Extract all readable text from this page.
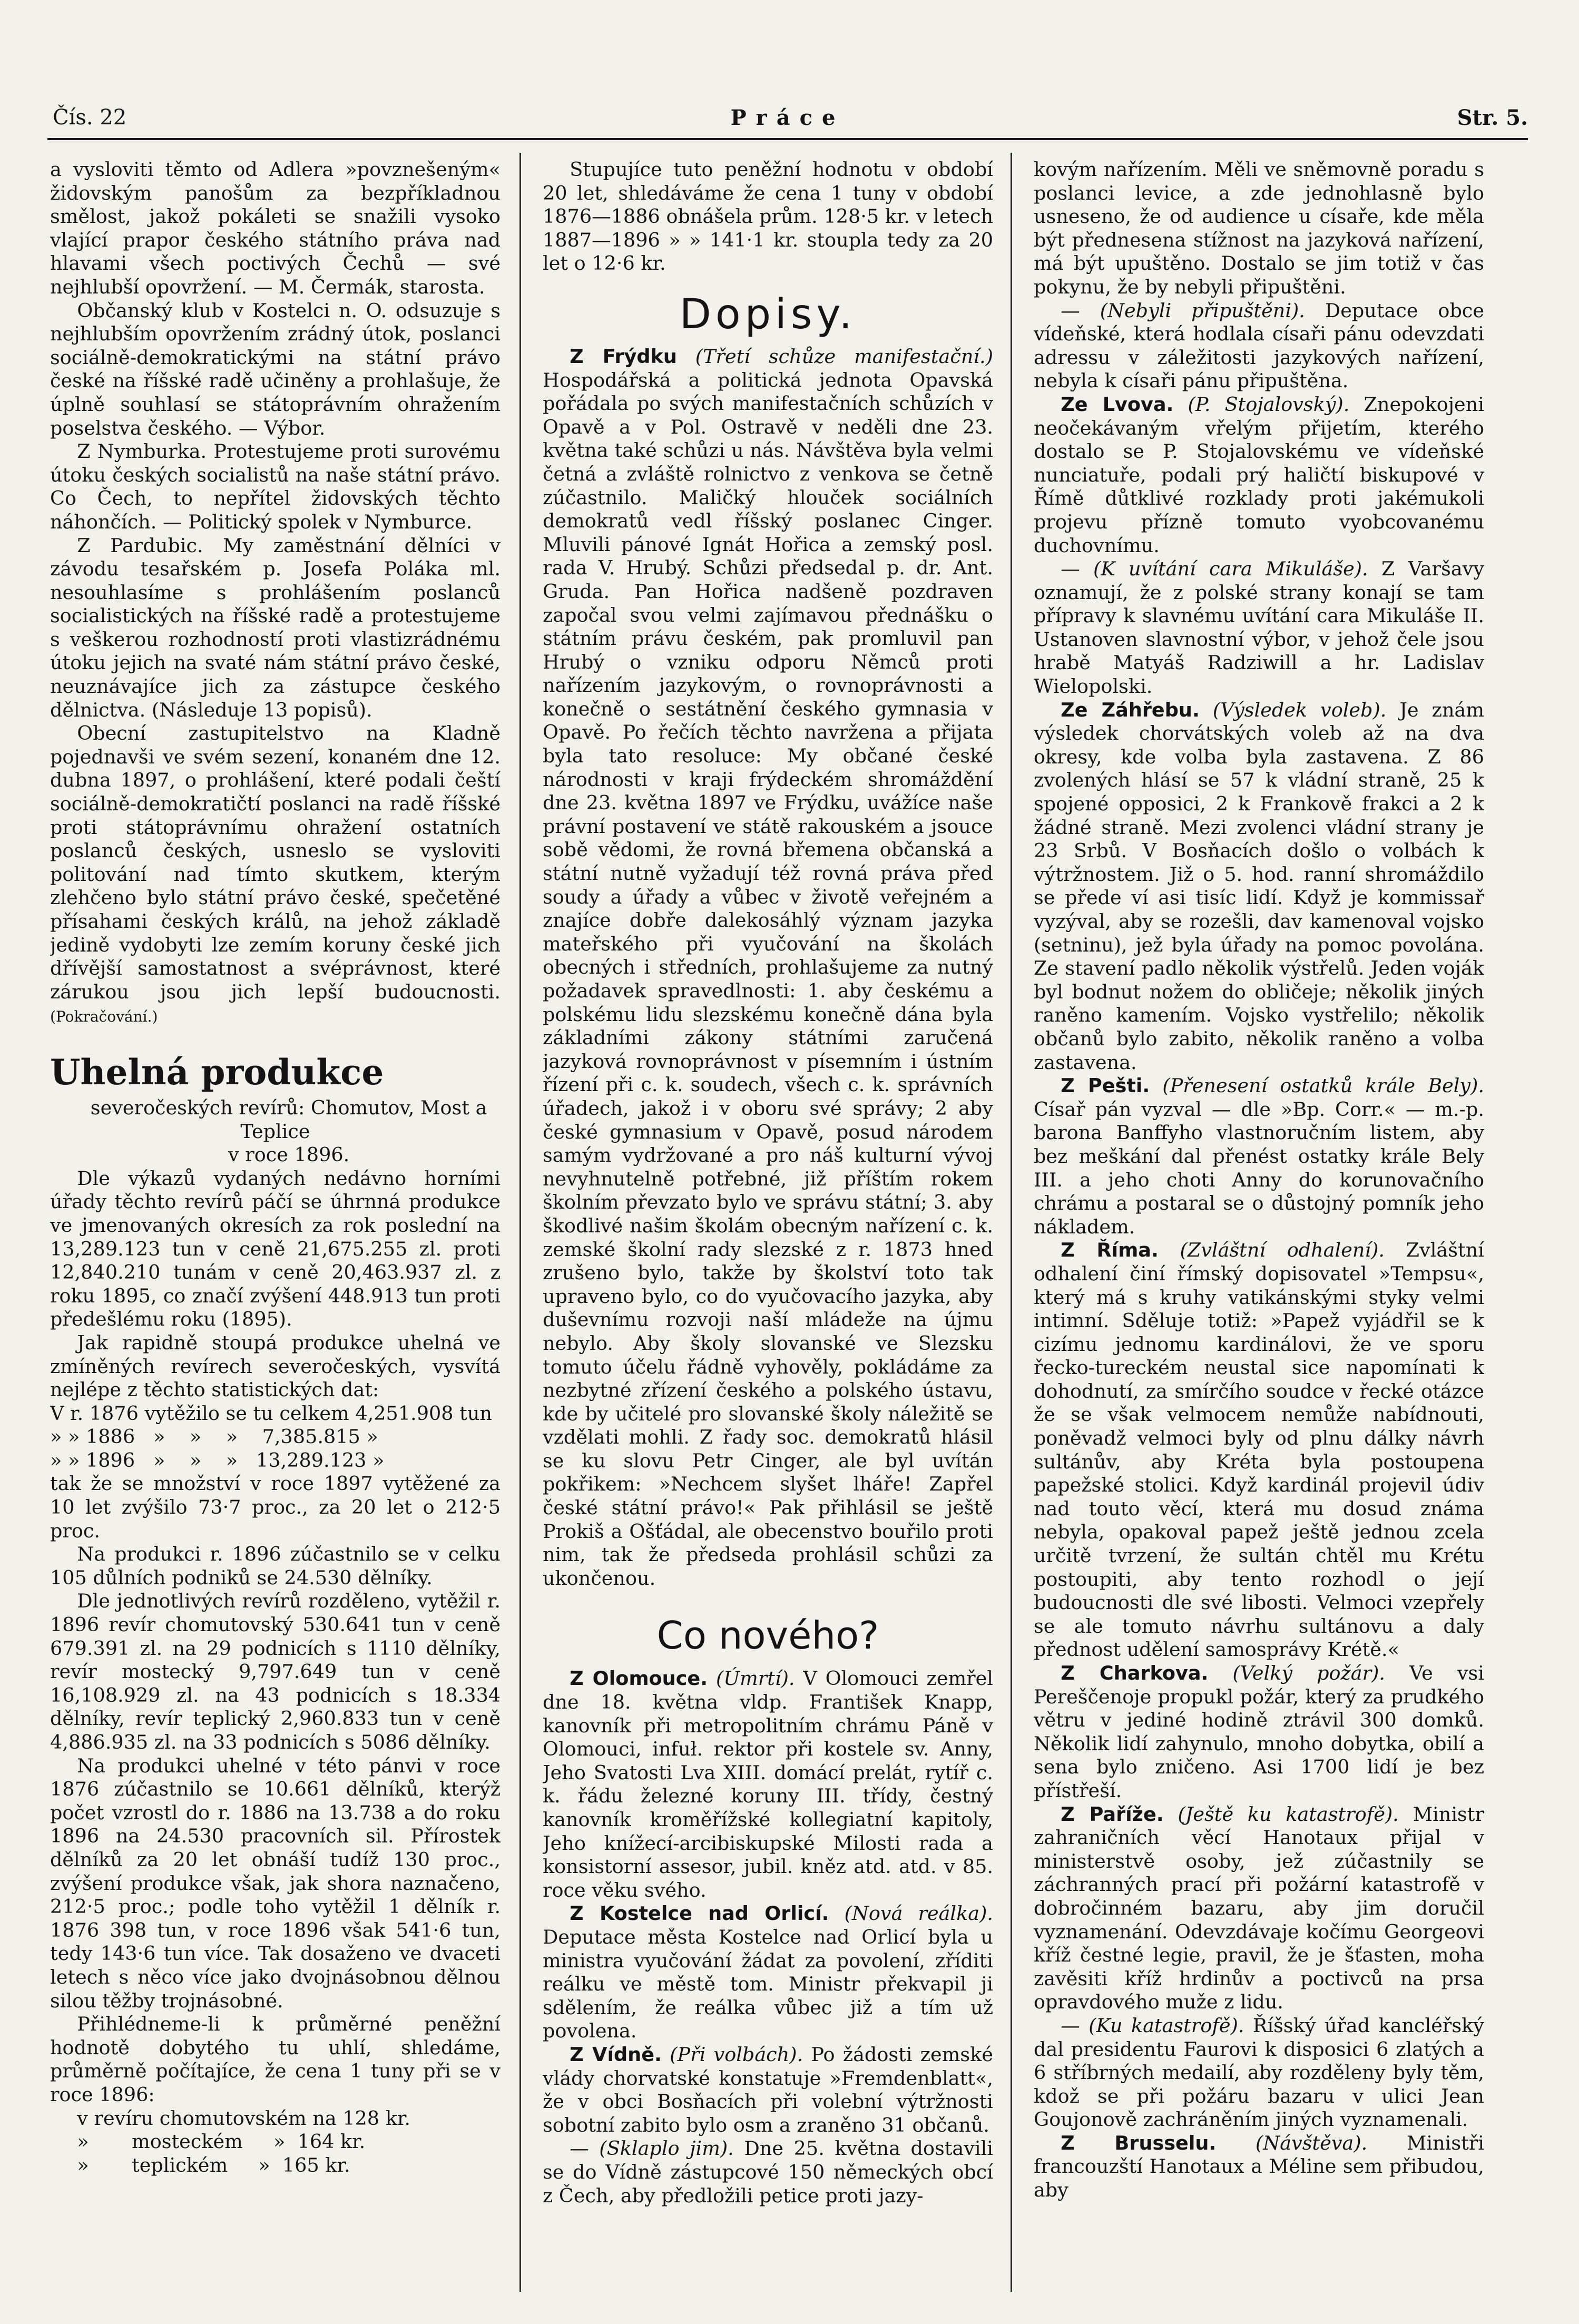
Čís. 22	Práce	Str. 5.

a vysloviti těmto od Adlera »povznešeným« židovským panošům za bezpříkladnou smělost, jakož pokáleti se snažili vysoko vlající prapor českého státního práva nad hlavami všech poctivých Čechů — své nejhlubší opovržení. — M. Čermák, starosta.

Občanský klub v Kostelci n. O. odsuzuje s nejhlubším opovržením zrádný útok, poslanci sociálně-demokratickými na státní právo české na říšské radě učiněny a prohlašuje, že úplně souhlasí se státoprávním ohražením poselstva českého. — Výbor.

Z Nymburka. Protestujeme proti surovému útoku českých socialistů na naše státní právo. Co Čech, to nepřítel židovských těchto náhončích. — Politický spolek v Nymburce.

Z Pardubic. My zaměstnání dělníci v závodu tesařském p. Josefa Poláka ml. nesouhlasíme s prohlášením poslanců socialistických na říšské radě a protestujeme s veškerou rozhodností proti vlastizrádnému útoku jejich na svaté nám státní právo české, neuznávajíce jich za zástupce českého dělnictva. (Následuje 13 popisů).

Obecní zastupitelstvo na Kladně pojednavši ve svém sezení, konaném dne 12. dubna 1897, o prohlášení, které podali čeští sociálně-demokratičtí poslanci na radě říšské proti státoprávnímu ohražení ostatních poslanců českých, usneslo se vysloviti politování nad tímto skutkem, kterým zlehčeno bylo státní právo české, spečetěné přísahami českých králů, na jehož základě jedině vydobyti lze zemím koruny české jich dřívější samostatnost a svéprávnost, které zárukou jsou jich lepší budoucnosti. (Pokračování.)

Uhelná produkce

severočeských revírů: Chomutov, Most a Teplice

v roce 1896.

Dle výkazů vydaných nedávno horními úřady těchto revírů páčí se úhrnná produkce ve jmenovaných okresích za rok poslední na 13,289.123 tun v ceně 21,675.255 zl. proti 12,840.210 tunám v ceně 20,463.937 zl. z roku 1895, co značí zvýšení 448.913 tun proti předešlému roku (1895).

Jak rapidně stoupá produkce uhelná ve zmíněných revírech severočeských, vysvítá nejlépe z těchto statistických dat:

V r. 1876 vytěžilo se tu celkem 4,251.908 tun

» » 1886   »    »    »    7,385.815 »

» » 1896   »    »    »   13,289.123 »

tak že se množství v roce 1897 vytěžené za 10 let zvýšilo 73·7 proc., za 20 let o 212·5 proc.

Na produkci r. 1896 zúčastnilo se v celku 105 důlních podniků se 24.530 dělníky.

Dle jednotlivých revírů rozděleno, vytěžil r. 1896 revír chomutovský 530.641 tun v ceně 679.391 zl. na 29 podnicích s 1110 dělníky, revír mostecký 9,797.649 tun v ceně 16,108.929 zl. na 43 podnicích s 18.334 dělníky, revír teplický 2,960.833 tun v ceně 4,886.935 zl. na 33 podnicích s 5086 dělníky.

Na produkci uhelné v této pánvi v roce 1876 zúčastnilo se 10.661 dělníků, kterýž počet vzrostl do r. 1886 na 13.738 a do roku 1896 na 24.530 pracovních sil. Přírostek dělníků za 20 let obnáší tudíž 130 proc., zvýšení produkce však, jak shora naznačeno, 212·5 proc.; podle toho vytěžil 1 dělník r. 1876 398 tun, v roce 1896 však 541·6 tun, tedy 143·6 tun více. Tak dosaženo ve dvaceti letech s něco více jako dvojnásobnou dělnou silou těžby trojnásobné.

Přihlédneme-li k průměrné peněžní hodnotě dobytého tu uhlí, shledáme, průměrně počítajíce, že cena 1 tuny při se v roce 1896:

v revíru chomutovském na 128 kr.

»       mosteckém     »  164 kr.

»       teplickém     »  165 kr.

Stupujíce tuto peněžní hodnotu v období 20 let, shledáváme že cena 1 tuny v období 1876—1886 obnášela prům. 128·5 kr. v letech 1887—1896 » » 141·1 kr. stoupla tedy za 20 let o 12·6 kr.

Dopisy.

Z Frýdku (Třetí schůze manifestační.) Hospodářská a politická jednota Opavská pořádala po svých manifestačních schůzích v Opavě a v Pol. Ostravě v neděli dne 23. května také schůzi u nás. Návštěva byla velmi četná a zvláště rolnictvo z venkova se četně zúčastnilo. Maličký hlouček sociálních demokratů vedl říšský poslanec Cinger. Mluvili pánové Ignát Hořica a zemský posl. rada V. Hrubý. Schůzi předsedal p. dr. Ant. Gruda. Pan Hořica nadšeně pozdraven započal svou velmi zajímavou přednášku o státním právu českém, pak promluvil pan Hrubý o vzniku odporu Němců proti nařízením jazykovým, o rovnoprávnosti a konečně o sestátnění českého gymnasia v Opavě. Po řečích těchto navržena a přijata byla tato resoluce: My občané české národnosti v kraji frýdeckém shromáždění dne 23. května 1897 ve Frýdku, uvážíce naše právní postavení ve státě rakouském a jsouce sobě vědomi, že rovná břemena občanská a státní nutně vyžadují též rovná práva před soudy a úřady a vůbec v životě veřejném a znajíce dobře dalekosáhlý význam jazyka mateřského při vyučování na školách obecných i středních, prohlašujeme za nutný požadavek spravedlnosti: 1. aby českému a polskému lidu slezskému konečně dána byla základními zákony státními zaručená jazyková rovnoprávnost v písemním i ústním řízení při c. k. soudech, všech c. k. správních úřadech, jakož i v oboru své správy; 2 aby české gymnasium v Opavě, posud národem samým vydržované a pro náš kulturní vývoj nevyhnutelně potřebné, již příštím rokem školním převzato bylo ve správu státní; 3. aby škodlivé našim školám obecným nařízení c. k. zemské školní rady slezské z r. 1873 hned zrušeno bylo, takže by školství toto tak upraveno bylo, co do vyučovacího jazyka, aby duševnímu rozvoji naší mládeže na újmu nebylo. Aby školy slovanské ve Slezsku tomuto účelu řádně vyhověly, pokládáme za nezbytné zřízení českého a polského ústavu, kde by učitelé pro slovanské školy náležitě se vzdělati mohli. Z řady soc. demokratů hlásil se ku slovu Petr Cinger, ale byl uvítán pokřikem: »Nechcem slyšet lháře! Zapřel české státní právo!« Pak přihlásil se ještě Prokiš a Ošťádal, ale obecenstvo bouřilo proti nim, tak že předseda prohlásil schůzi za ukončenou.

Co nového?

Z Olomouce. (Úmrtí). V Olomouci zemřel dne 18. května vldp. František Knapp, kanovník při metropolitním chrámu Páně v Olomouci, infuł. rektor při kostele sv. Anny, Jeho Svatosti Lva XIII. domácí prelát, rytíř c. k. řádu železné koruny III. třídy, čestný kanovník kroměřížské kollegiatní kapitoly, Jeho knížecí-arcibiskupské Milosti rada a konsistorní assesor, jubil. kněz atd. atd. v 85. roce věku svého.

Z Kostelce nad Orlicí. (Nová reálka). Deputace města Kostelce nad Orlicí byla u ministra vyučování žádat za povolení, zříditi reálku ve městě tom. Ministr překvapil ji sdělením, že reálka vůbec již a tím už povolena.

Z Vídně. (Při volbách). Po žádosti zemské vlády chorvatské konstatuje »Fremdenblatt«, že v obci Bosňacích při volební výtržnosti sobotní zabito bylo osm a zraněno 31 občanů.

— (Sklaplo jim). Dne 25. května dostavili se do Vídně zástupcové 150 německých obcí z Čech, aby předložili petice proti jazy-

kovým nařízením. Měli ve sněmovně poradu s poslanci levice, a zde jednohlasně bylo usneseno, že od audience u císaře, kde měla být přednesena stížnost na jazyková nařízení, má být upuštěno. Dostalo se jim totiž v čas pokynu, že by nebyli připuštěni.

— (Nebyli připuštěni). Deputace obce vídeňské, která hodlala císaři pánu odevzdati adressu v záležitosti jazykových nařízení, nebyla k císaři pánu připuštěna.

Ze Lvova. (P. Stojalovský). Znepokojeni neočekávaným vřelým přijetím, kterého dostalo se P. Stojalovskému ve vídeňské nunciatuře, podali prý haličtí biskupové v Římě důtklivé rozklady proti jakémukoli projevu přízně tomuto vyobcovanému duchovnímu.

— (K uvítání cara Mikuláše). Z Varšavy oznamují, že z polské strany konají se tam přípravy k slavnému uvítání cara Mikuláše II. Ustanoven slavnostní výbor, v jehož čele jsou hrabě Matyáš Radziwill a hr. Ladislav Wielopolski.

Ze Záhřebu. (Výsledek voleb). Je znám výsledek chorvátských voleb až na dva okresy, kde volba byla zastavena. Z 86 zvolených hlásí se 57 k vládní straně, 25 k spojené opposici, 2 k Frankově frakci a 2 k žádné straně. Mezi zvolenci vládní strany je 23 Srbů. V Bosňacích došlo o volbách k výtržnostem. Již o 5. hod. ranní shromáždilo se přede ví asi tisíc lidí. Když je kommissař vyzýval, aby se rozešli, dav kamenoval vojsko (setninu), jež byla úřady na pomoc povolána. Ze stavení padlo několik výstřelů. Jeden voják byl bodnut nožem do obličeje; několik jiných raněno kamením. Vojsko vystřelilo; několik občanů bylo zabito, několik raněno a volba zastavena.

Z Pešti. (Přenesení ostatků krále Bely). Císař pán vyzval — dle »Bp. Corr.« — m.-p. barona Banffyho vlastnoručním listem, aby bez meškání dal přenést ostatky krále Bely III. a jeho choti Anny do korunovačního chrámu a postaral se o důstojný pomník jeho nákladem.

Z Říma. (Zvláštní odhalení). Zvláštní odhalení činí římský dopisovatel »Tempsu«, který má s kruhy vatikánskými styky velmi intimní. Sděluje totiž: »Papež vyjádřil se k cizímu jednomu kardinálovi, že ve sporu řecko-tureckém neustal sice napomínati k dohodnutí, za smírčího soudce v řecké otázce že se však velmocem nemůže nabídnouti, poněvadž velmoci byly od plnu dálky návrh sultánův, aby Kréta byla postoupena papežské stolici. Když kardinál projevil údiv nad touto věcí, která mu dosud známa nebyla, opakoval papež ještě jednou zcela určitě tvrzení, že sultán chtěl mu Krétu postoupiti, aby tento rozhodl o její budoucnosti dle své libosti. Velmoci vzepřely se ale tomuto návrhu sultánovu a daly přednost udělení samosprávy Krétě.«

Z Charkova. (Velký požár). Ve vsi Pereščenoje propukl požár, který za prudkého větru v jediné hodině ztrávil 300 domků. Několik lidí zahynulo, mnoho dobytka, obilí a sena bylo zničeno. Asi 1700 lidí je bez přístřeší.

Z Paříže. (Ještě ku katastrofě). Ministr zahraničních věcí Hanotaux přijal v ministerstvě osoby, jež zúčastnily se záchranných prací při požární katastrofě v dobročinném bazaru, aby jim doručil vyznamenání. Odevzdávaje kočímu Georgeovi kříž čestné legie, pravil, že je šťasten, moha zavěsiti kříž hrdinův a poctivců na prsa opravdového muže z lidu.

— (Ku katastrofě). Říšský úřad kancléřský dal presidentu Faurovi k disposici 6 zlatých a 6 stříbrných medailí, aby rozděleny byly těm, kdož se při požáru bazaru v ulici Jean Goujonově zachráněním jiných vyznamenali.

Z Brusselu. (Návštěva). Ministři francouzští Hanotaux a Méline sem přibudou, aby
